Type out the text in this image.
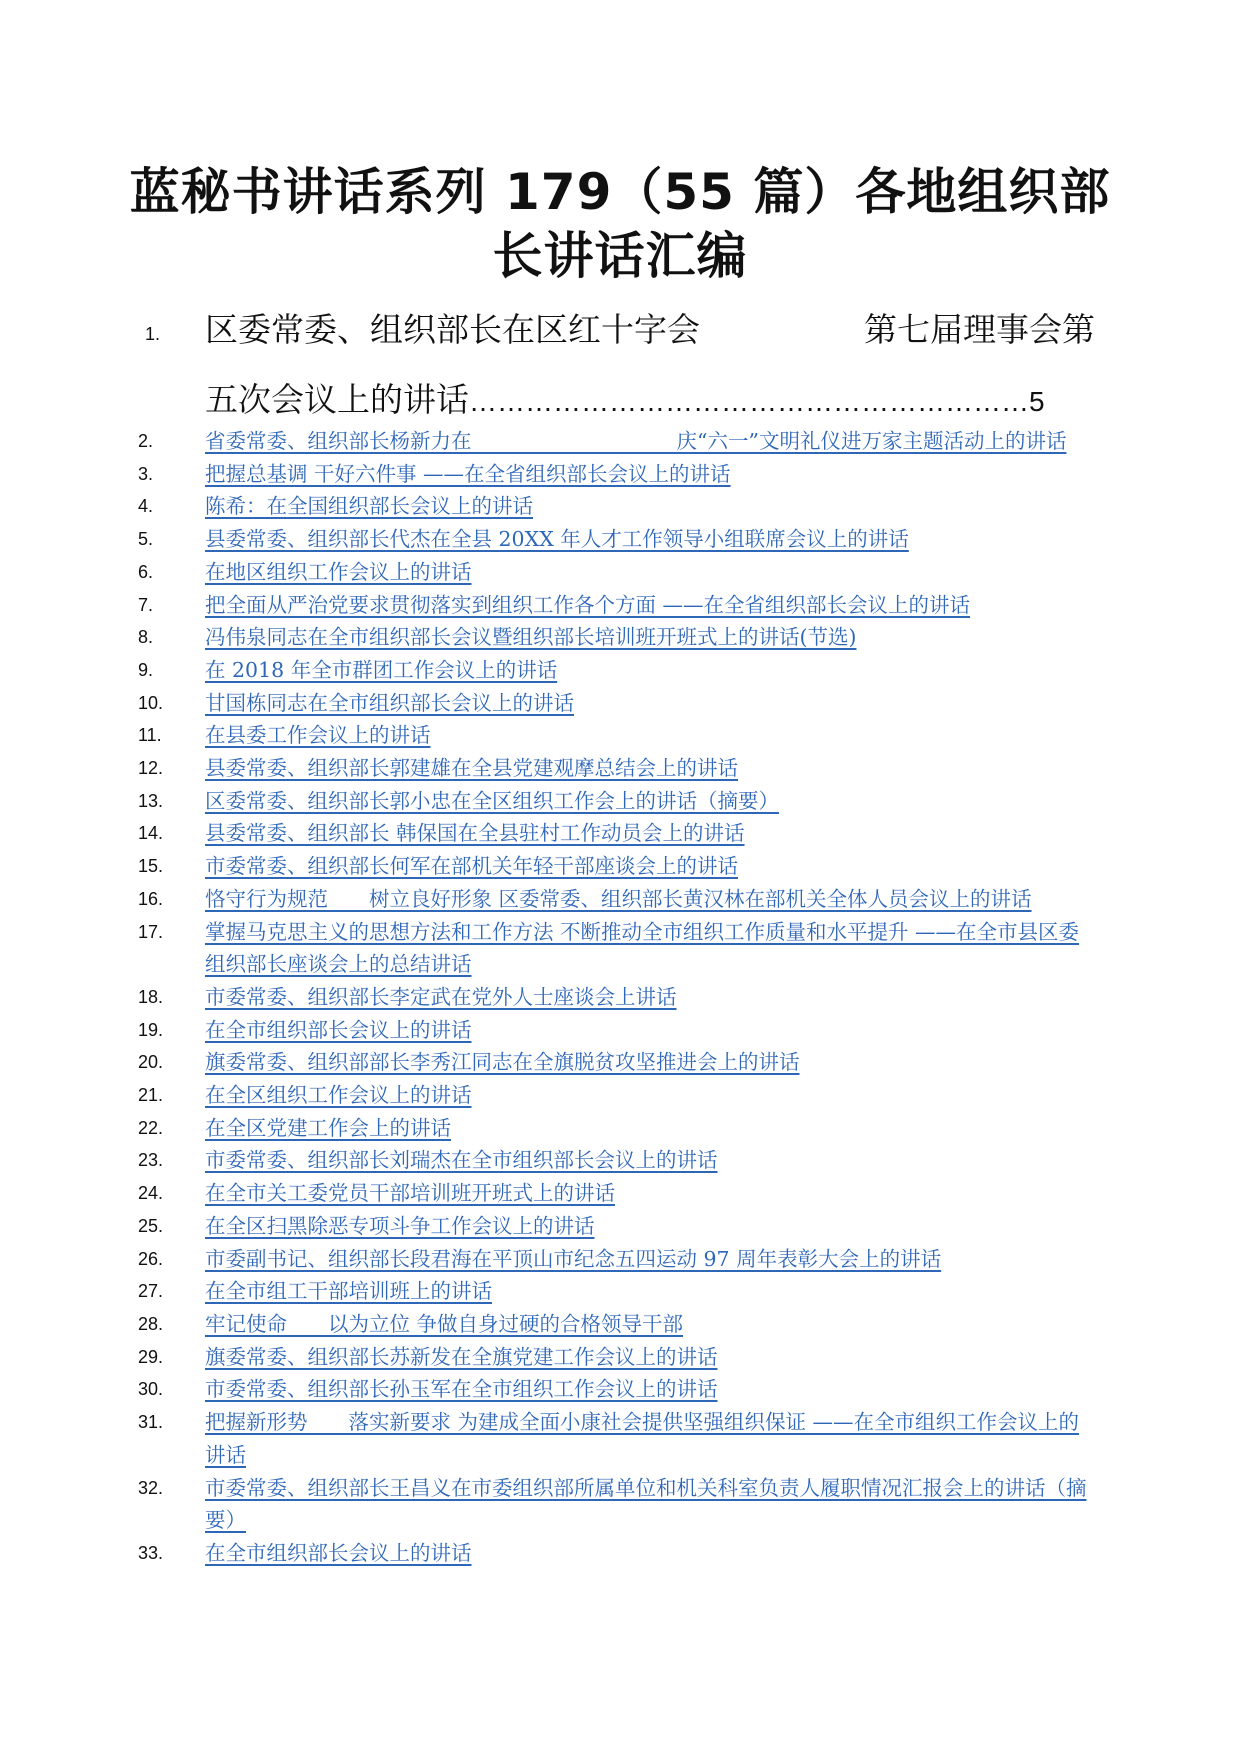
蓝秘书讲话系列 179（55 篇）各地组织部长讲话汇编
1. 区委常委、组织部长在区红十字会	第七届理事会第
五次会议上的讲话……………………………………………………5
2.	省委常委、组织部长杨新力在　　　　　　　　　　庆“六一”文明礼仪进万家主题活动上的讲话
3.	把握总基调 干好六件事 ——在全省组织部长会议上的讲话
4.	陈希：在全国组织部长会议上的讲话
5.	县委常委、组织部长代杰在全县 20XX 年人才工作领导小组联席会议上的讲话
6.	在地区组织工作会议上的讲话
7.	把全面从严治党要求贯彻落实到组织工作各个方面 ——在全省组织部长会议上的讲话
8.	冯伟泉同志在全市组织部长会议暨组织部长培训班开班式上的讲话(节选)
9.	在 2018 年全市群团工作会议上的讲话
10.	甘国栋同志在全市组织部长会议上的讲话
11.	在县委工作会议上的讲话
12.	县委常委、组织部长郭建雄在全县党建观摩总结会上的讲话
13.	区委常委、组织部长郭小忠在全区组织工作会上的讲话（摘要）
14.	县委常委、组织部长 韩保国在全县驻村工作动员会上的讲话
15.	市委常委、组织部长何军在部机关年轻干部座谈会上的讲话
16.	恪守行为规范　　树立良好形象 区委常委、组织部长黄汉林在部机关全体人员会议上的讲话
17.	掌握马克思主义的思想方法和工作方法 不断推动全市组织工作质量和水平提升 ——在全市县区委组织部长座谈会上的总结讲话
18.	市委常委、组织部长李定武在党外人士座谈会上讲话
19.	在全市组织部长会议上的讲话
20.	旗委常委、组织部部长李秀江同志在全旗脱贫攻坚推进会上的讲话
21.	在全区组织工作会议上的讲话
22.	在全区党建工作会上的讲话
23.	市委常委、组织部长刘瑞杰在全市组织部长会议上的讲话
24.	在全市关工委党员干部培训班开班式上的讲话
25.	在全区扫黑除恶专项斗争工作会议上的讲话
26.	市委副书记、组织部长段君海在平顶山市纪念五四运动 97 周年表彰大会上的讲话
27.	在全市组工干部培训班上的讲话
28.	牢记使命　　以为立位 争做自身过硬的合格领导干部
29.	旗委常委、组织部长苏新发在全旗党建工作会议上的讲话
30.	市委常委、组织部长孙玉军在全市组织工作会议上的讲话
31.	把握新形势　　落实新要求 为建成全面小康社会提供坚强组织保证 ——在全市组织工作会议上的讲话
32.	市委常委、组织部长王昌义在市委组织部所属单位和机关科室负责人履职情况汇报会上的讲话（摘要）
33.	在全市组织部长会议上的讲话
